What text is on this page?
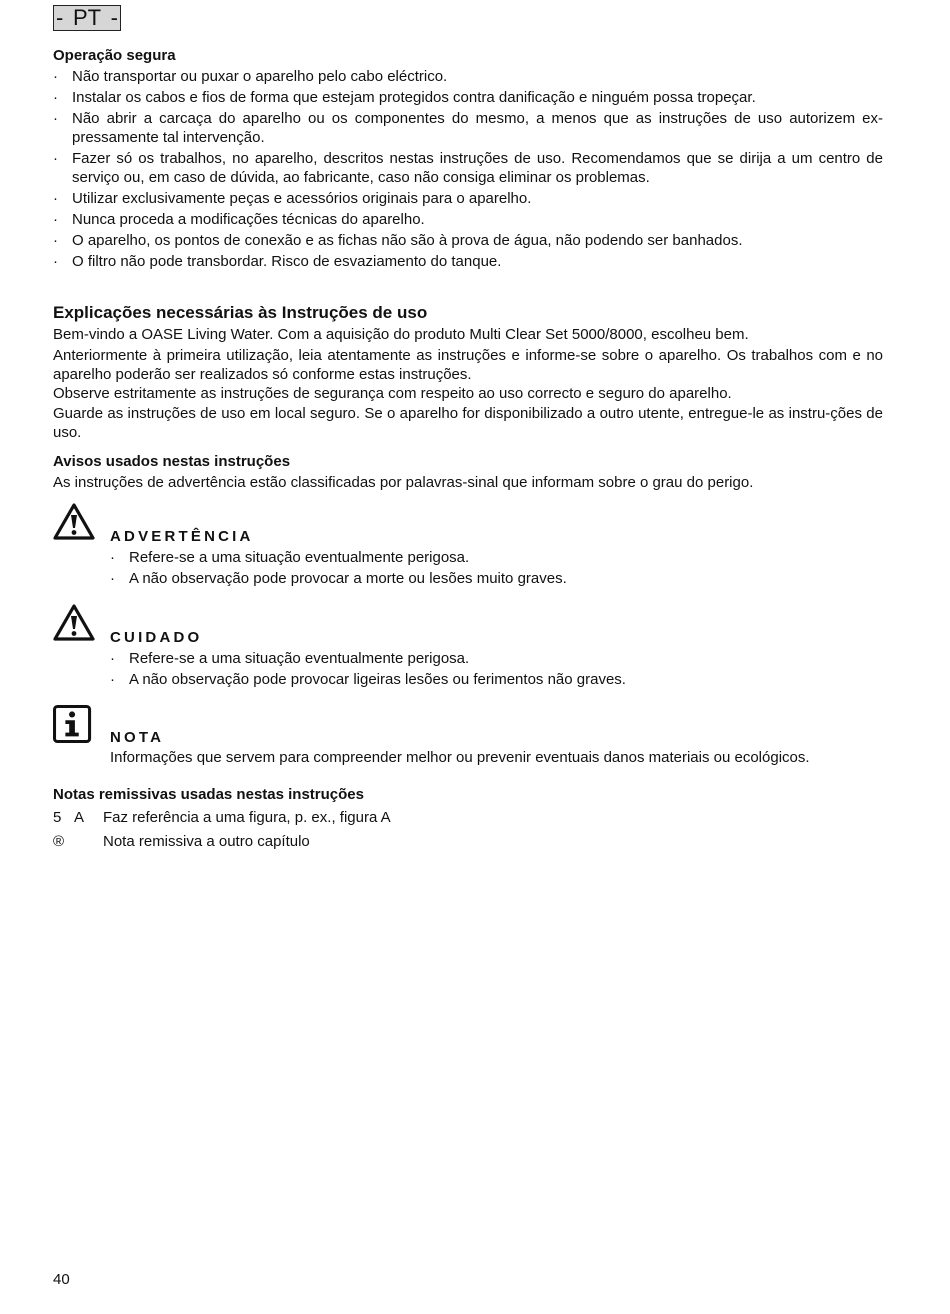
- PT -
Operação segura
· Não transportar ou puxar o aparelho pelo cabo eléctrico.
· Instalar os cabos e fios de forma que estejam protegidos contra danificação e ninguém possa tropeçar.
· Não abrir a carcaça do aparelho ou os componentes do mesmo, a menos que as instruções de uso autorizem ex-pressamente tal intervenção.
· Fazer só os trabalhos, no aparelho, descritos nestas instruções de uso. Recomendamos que se dirija a um centro de serviço ou, em caso de dúvida, ao fabricante, caso não consiga eliminar os problemas.
· Utilizar exclusivamente peças e acessórios originais para o aparelho.
· Nunca proceda a modificações técnicas do aparelho.
· O aparelho, os pontos de conexão e as fichas não são à prova de água, não podendo ser banhados.
· O filtro não pode transbordar. Risco de esvaziamento do tanque.
Explicações necessárias às Instruções de uso

Bem-vindo a OASE Living Water. Com a aquisição do produto Multi Clear Set 5000/8000, escolheu bem.

Anteriormente à primeira utilização, leia atentamente as instruções e informe-se sobre o aparelho. Os trabalhos com e no aparelho poderão ser realizados só conforme estas instruções.

Observe estritamente as instruções de segurança com respeito ao uso correcto e seguro do aparelho.

Guarde as instruções de uso em local seguro. Se o aparelho for disponibilizado a outro utente, entregue-le as instru-ções de uso.

Avisos usados nestas instruções

As instruções de advertência estão classificadas por palavras-sinal que informam sobre o grau do perigo.

ADVERTÊNCIA
· Refere-se a uma situação eventualmente perigosa.
· A não observação pode provocar a morte ou lesões muito graves.
CUIDADO
· Refere-se a uma situação eventualmente perigosa.
· A não observação pode provocar ligeiras lesões ou ferimentos não graves.
NOTA

Informações que servem para compreender melhor ou prevenir eventuais danos materiais ou ecológicos.

Notas remissivas usadas nestas instruções
5 A Faz referência a uma figura, p. ex., figura A
®	Nota remissiva a outro capítulo
40
